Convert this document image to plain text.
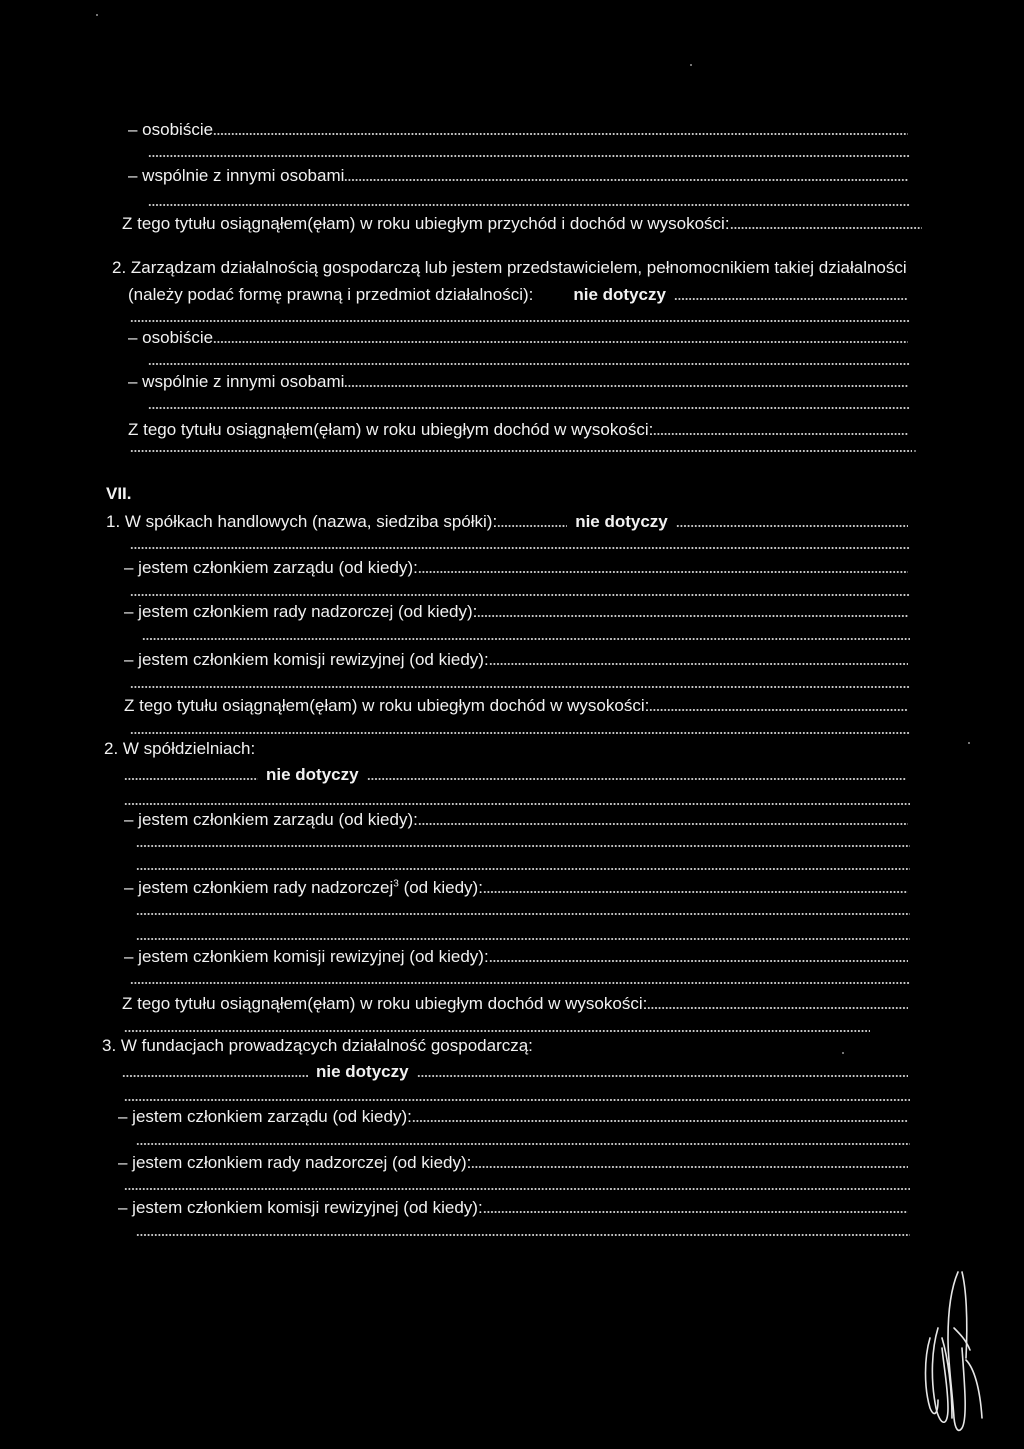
– osobiście
– wspólnie z innymi osobami
Z tego tytułu osiągnąłem(ęłam) w roku ubiegłym przychód i dochód w wysokości:
2. Zarządzam działalnością gospodarczą lub jestem przedstawicielem, pełnomocnikiem takiej działalności
(należy podać formę prawną i przedmiot działalności):	nie dotyczy
– osobiście
– wspólnie z innymi osobami
Z tego tytułu osiągnąłem(ęłam) w roku ubiegłym dochód w wysokości:
VII.
1. W spółkach handlowych (nazwa, siedziba spółki):	nie dotyczy
– jestem członkiem zarządu (od kiedy):
– jestem członkiem rady nadzorczej (od kiedy):
– jestem członkiem komisji rewizyjnej (od kiedy):
Z tego tytułu osiągnąłem(ęłam) w roku ubiegłym dochód w wysokości:
2. W spółdzielniach:
nie dotyczy
– jestem członkiem zarządu (od kiedy):
– jestem członkiem rady nadzorczej$^3$ (od kiedy):
– jestem członkiem komisji rewizyjnej (od kiedy):
Z tego tytułu osiągnąłem(ęłam) w roku ubiegłym dochód w wysokości:
3. W fundacjach prowadzących działalność gospodarczą:
nie dotyczy
– jestem członkiem zarządu (od kiedy):
– jestem członkiem rady nadzorczej (od kiedy):
– jestem członkiem komisji rewizyjnej (od kiedy):
